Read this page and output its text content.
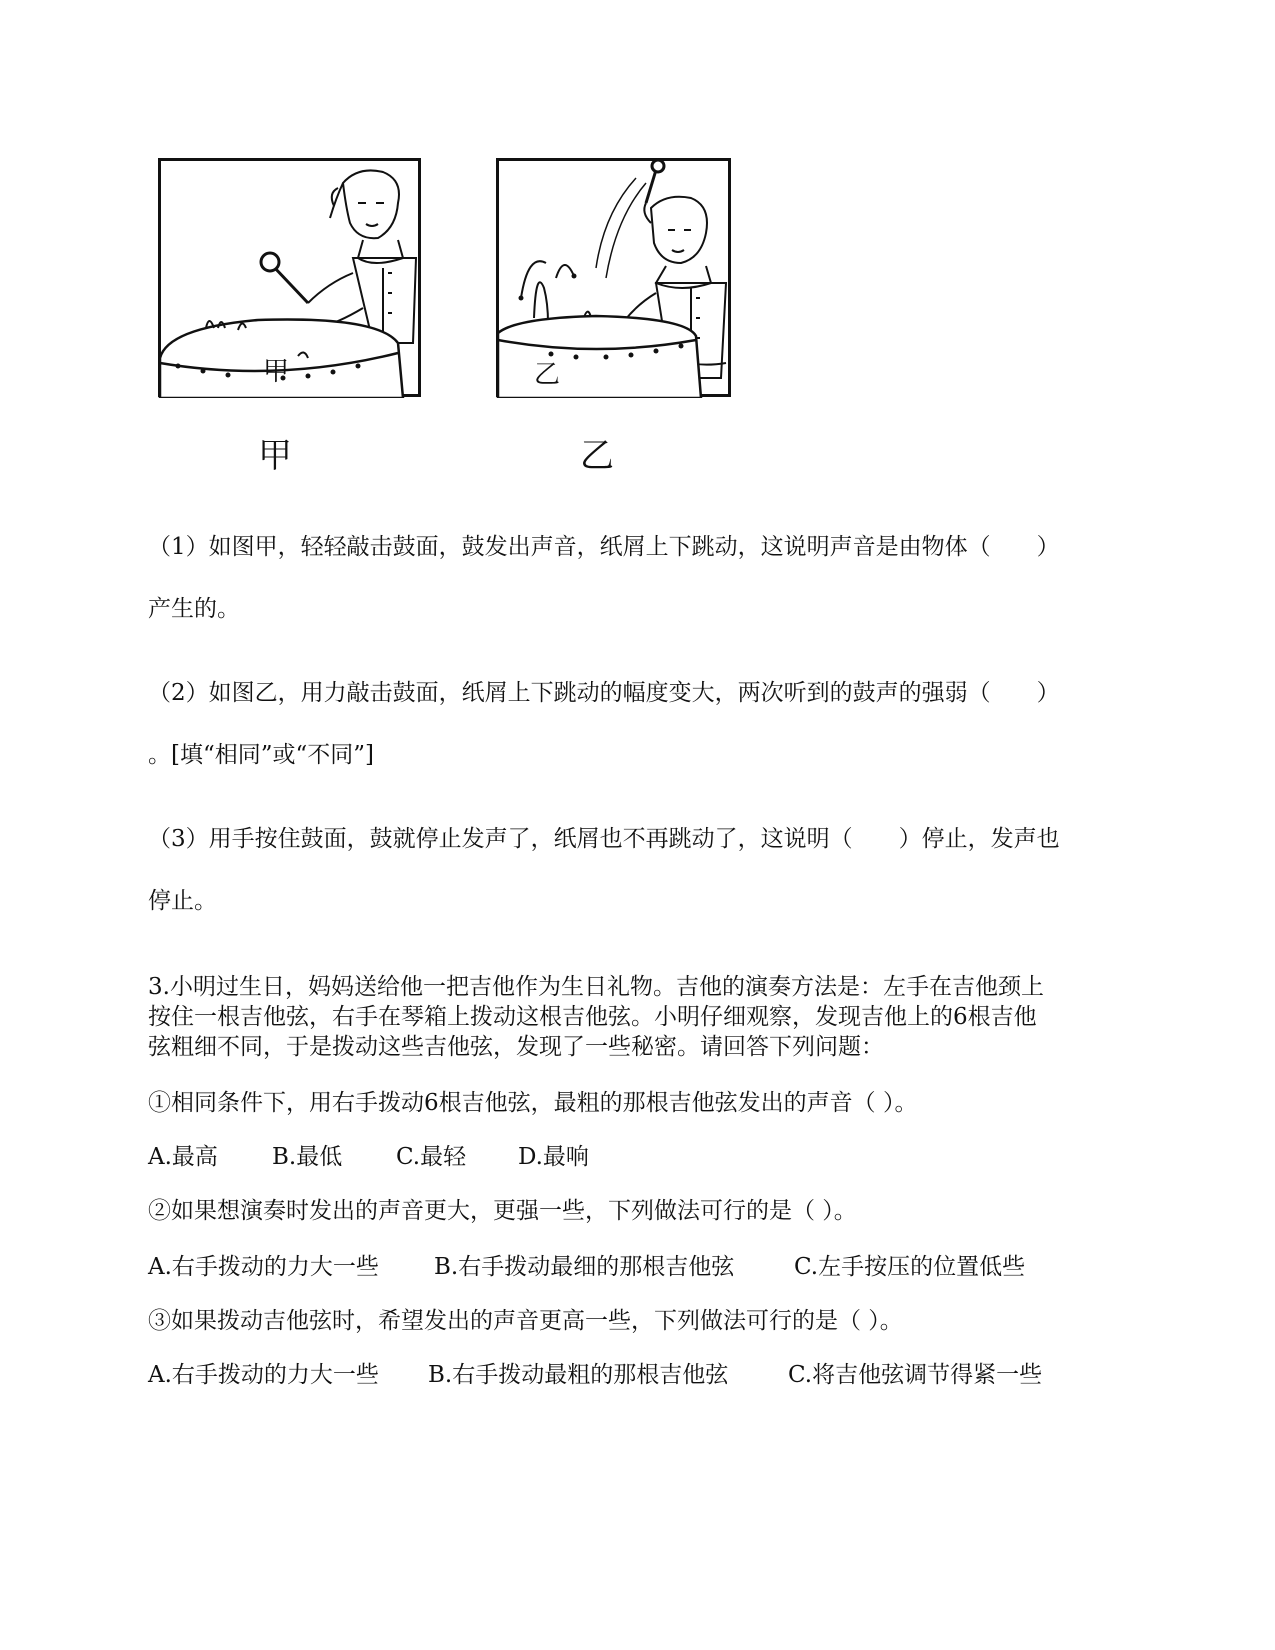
甲
甲
乙
乙
（1）如图甲，轻轻敲击鼓面，鼓发出声音，纸屑上下跳动，这说明声音是由物体（　　）
产生的。
（2）如图乙，用力敲击鼓面，纸屑上下跳动的幅度变大，两次听到的鼓声的强弱（　　）
。[填“相同”或“不同”]
（3）用手按住鼓面，鼓就停止发声了，纸屑也不再跳动了，这说明（　　）停止，发声也
停止。
3.小明过生日，妈妈送给他一把吉他作为生日礼物。吉他的演奏方法是：左手在吉他颈上
按住一根吉他弦，右手在琴箱上拨动这根吉他弦。小明仔细观察，发现吉他上的6根吉他
弦粗细不同，于是拨动这些吉他弦，发现了一些秘密。请回答下列问题：
①相同条件下，用右手拨动6根吉他弦，最粗的那根吉他弦发出的声音（ ）。
A.最高 B.最低 C.最轻 D.最响
②如果想演奏时发出的声音更大，更强一些，下列做法可行的是（ ）。
A.右手拨动的力大一些 B.右手拨动最细的那根吉他弦	C.左手按压的位置低些
③如果拨动吉他弦时，希望发出的声音更高一些，下列做法可行的是（ ）。
A.右手拨动的力大一些 B.右手拨动最粗的那根吉他弦	C.将吉他弦调节得紧一些
